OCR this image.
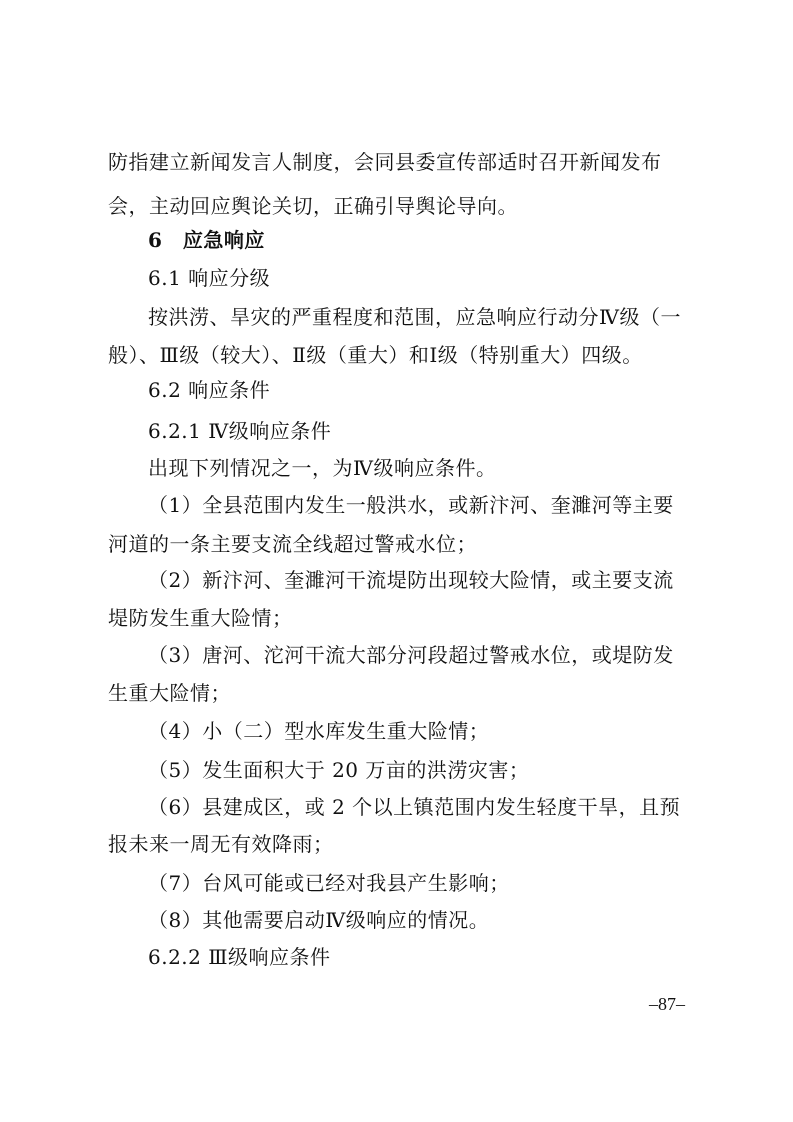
防指建立新闻发言人制度，会同县委宣传部适时召开新闻发布
会，主动回应舆论关切，正确引导舆论导向。
6　应急响应
6.1 响应分级
按洪涝、旱灾的严重程度和范围，应急响应行动分Ⅳ级（一
般）、Ⅲ级（较大）、Ⅱ级（重大）和Ⅰ级（特别重大）四级。
6.2 响应条件
6.2.1 Ⅳ级响应条件
出现下列情况之一，为Ⅳ级响应条件。
（1）全县范围内发生一般洪水，或新汴河、奎濉河等主要
河道的一条主要支流全线超过警戒水位；
（2）新汴河、奎濉河干流堤防出现较大险情，或主要支流
堤防发生重大险情；
（3）唐河、沱河干流大部分河段超过警戒水位，或堤防发
生重大险情；
（4）小（二）型水库发生重大险情；
（5）发生面积大于 20 万亩的洪涝灾害；
（6）县建成区，或 2 个以上镇范围内发生轻度干旱，且预
报未来一周无有效降雨；
（7）台风可能或已经对我县产生影响；
（8）其他需要启动Ⅳ级响应的情况。
6.2.2 Ⅲ级响应条件
–87–
